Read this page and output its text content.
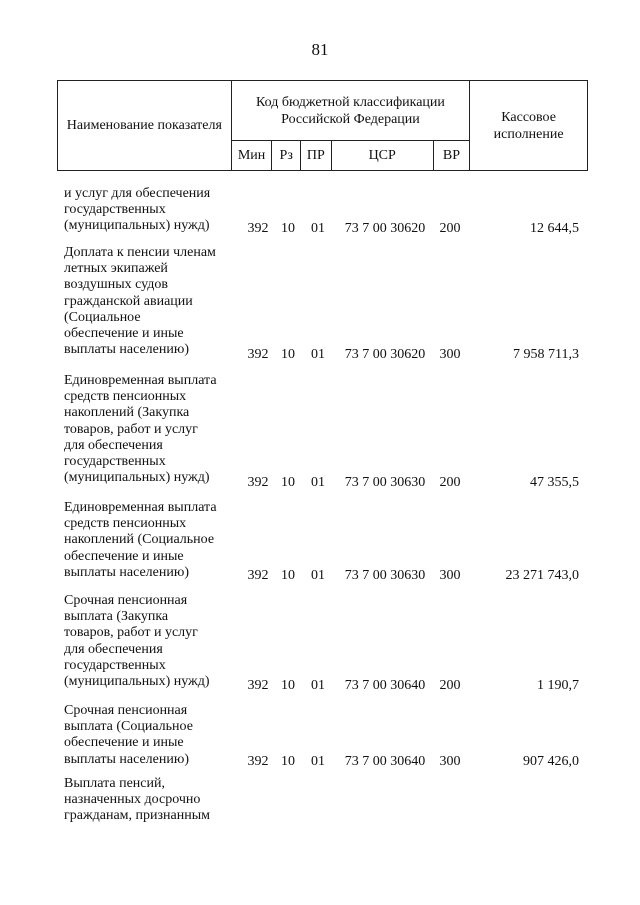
81
Наименование показателя	Код бюджетной классификации Российской Федерации					Кассовое исполнение
	Мин	Рз	ПР	ЦСР	ВР	
и услуг для обеспечения
государственных
(муниципальных) нужд)	392 10	01	73 7 00 30620	200	12 644,5
Доплата к пенсии членам
летных экипажей
воздушных судов
гражданской авиации
(Социальное
обеспечение и иные
выплаты населению)	392 10	01	73 7 00 30620	300	7 958 711,3
Единовременная выплата
средств пенсионных
накоплений (Закупка
товаров, работ и услуг
для обеспечения
государственных
(муниципальных) нужд)	392 10	01	73 7 00 30630	200	47 355,5
Единовременная выплата
средств пенсионных
накоплений (Социальное
обеспечение и иные
выплаты населению)	392 10	01	73 7 00 30630	300	23 271 743,0
Срочная пенсионная
выплата (Закупка
товаров, работ и услуг
для обеспечения
государственных
(муниципальных) нужд)	392 10	01	73 7 00 30640	200	1 190,7
Срочная пенсионная
выплата (Социальное
обеспечение и иные
выплаты населению)	392 10	01	73 7 00 30640	300	907 426,0
Выплата пенсий,
назначенных досрочно
гражданам, признанным
